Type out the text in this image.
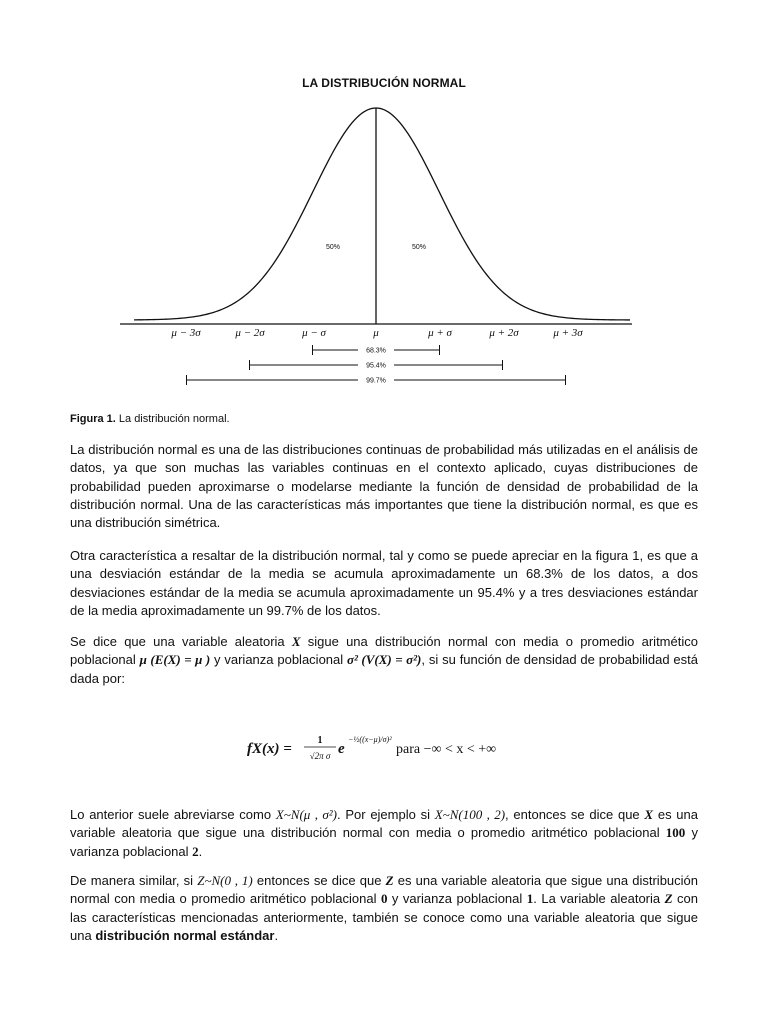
LA DISTRIBUCIÓN NORMAL
50%	50%
μ − 3σ	μ − 2σ	μ − σ	μ	μ + σ	μ + 2σ	μ + 3σ
68.3%
95.4%
99.7%
Figura 1. La distribución normal.

La distribución normal es una de las distribuciones continuas de probabilidad más utilizadas en el análisis de datos, ya que son muchas las variables continuas en el contexto aplicado, cuyas distribuciones de probabilidad pueden aproximarse o modelarse mediante la función de densidad de probabilidad de la distribución normal. Una de las características más importantes que tiene la distribución normal, es que es una distribución simétrica.

Otra característica a resaltar de la distribución normal, tal y como se puede apreciar en la figura 1, es que a una desviación estándar de la media se acumula aproximadamente un 68.3% de los datos, a dos desviaciones estándar de la media se acumula aproximadamente un 95.4% y a tres desviaciones estándar de la media aproximadamente un 99.7% de los datos.

Se dice que una variable aleatoria X sigue una distribución normal con media o promedio aritmético poblacional μ (E(X) = μ ) y varianza poblacional σ² (V(X) = σ²), si su función de densidad de probabilidad está dada por:

fX(x) =
1
√2π σ e
−½((x−μ)/σ)²
para −∞ < x < +∞

Lo anterior suele abreviarse como X~N(μ , σ²). Por ejemplo si X~N(100 , 2), entonces se dice que X es una variable aleatoria que sigue una distribución normal con media o promedio aritmético poblacional 100 y varianza poblacional 2.

De manera similar, si Z~N(0 , 1) entonces se dice que Z es una variable aleatoria que sigue una distribución normal con media o promedio aritmético poblacional 0 y varianza poblacional 1. La variable aleatoria Z con las características mencionadas anteriormente, también se conoce como una variable aleatoria que sigue una distribución normal estándar.
